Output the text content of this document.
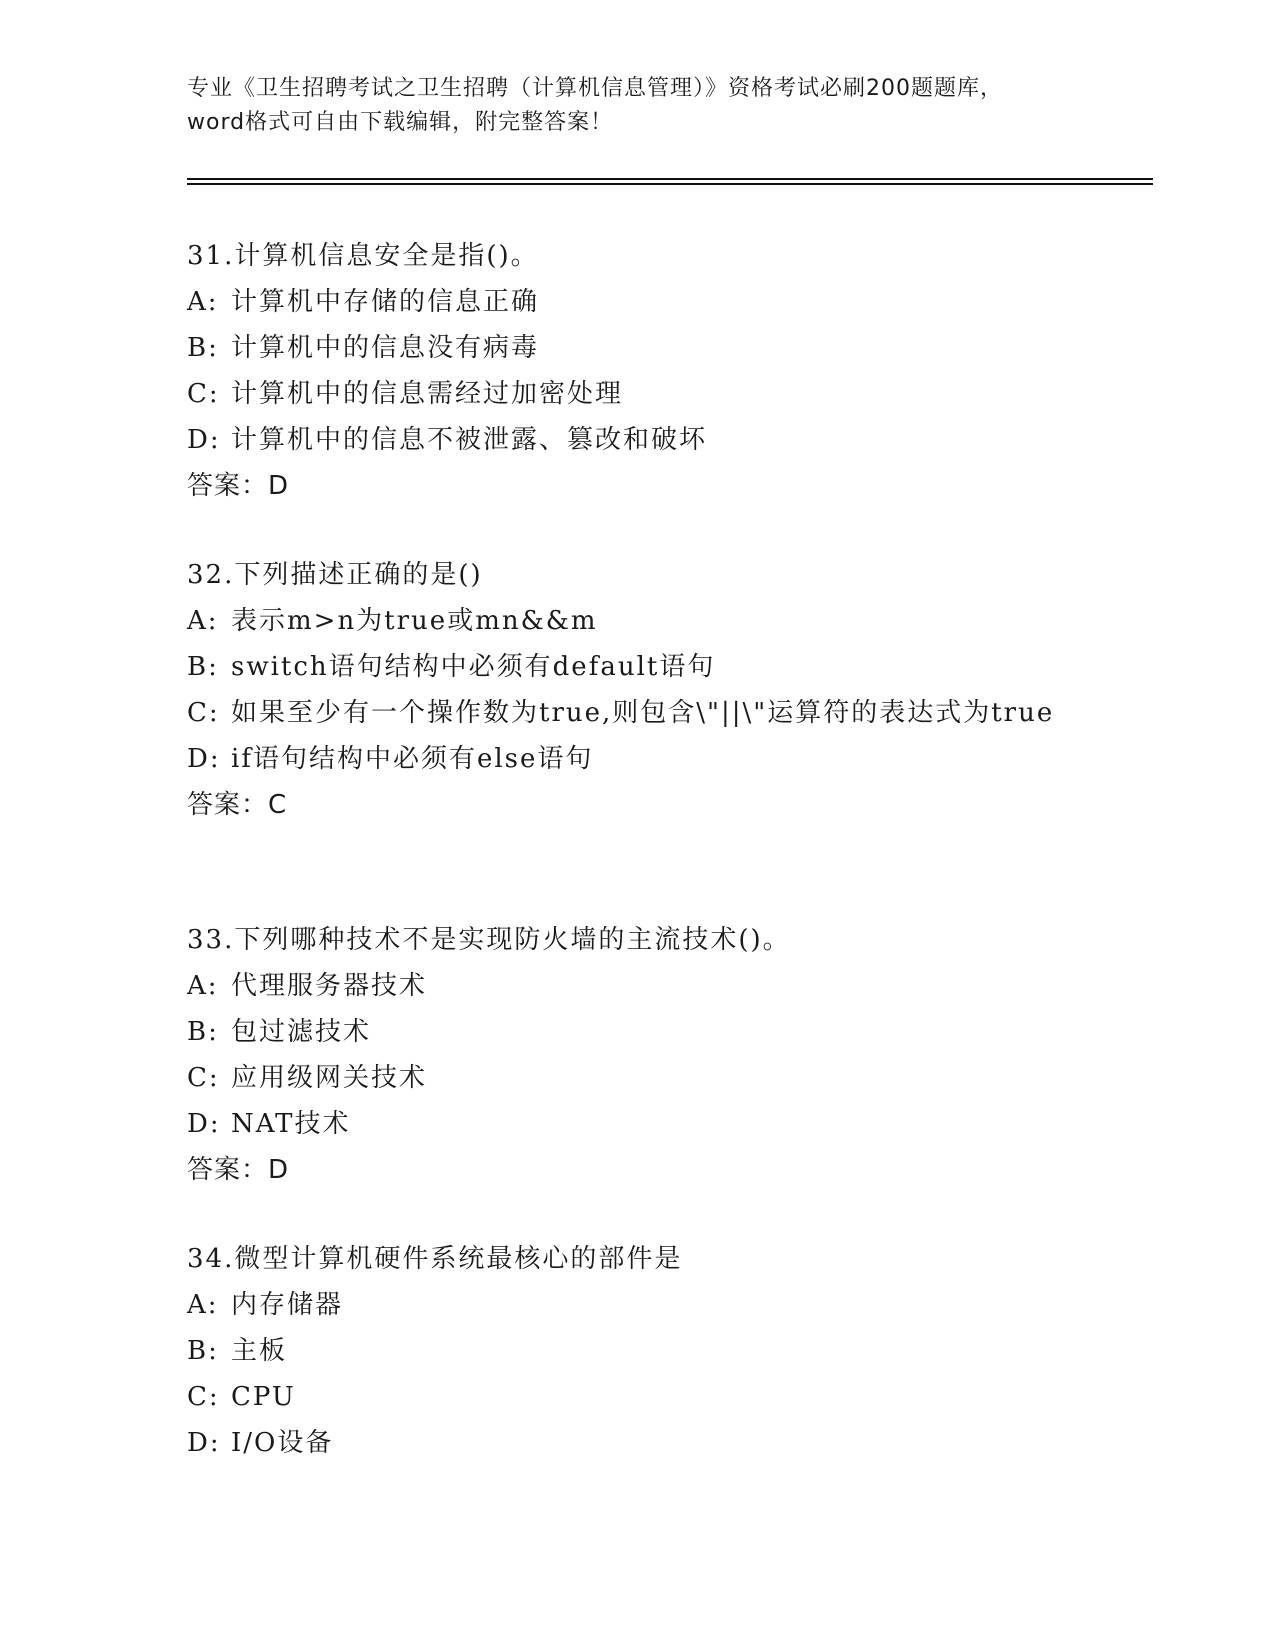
专业《卫生招聘考试之卫生招聘（计算机信息管理）》资格考试必刷200题题库，
word格式可自由下载编辑，附完整答案！
31.计算机信息安全是指()。
A: 计算机中存储的信息正确
B: 计算机中的信息没有病毒
C: 计算机中的信息需经过加密处理
D: 计算机中的信息不被泄露、篡改和破坏
答案：D
32.下列描述正确的是()
A: 表示m>n为true或mn&&m
B: switch语句结构中必须有default语句
C: 如果至少有一个操作数为true,则包含\"||\"运算符的表达式为true
D: if语句结构中必须有else语句
答案：C
33.下列哪种技术不是实现防火墙的主流技术()。
A: 代理服务器技术
B: 包过滤技术
C: 应用级网关技术
D: NAT技术
答案：D
34.微型计算机硬件系统最核心的部件是
A: 内存储器
B: 主板
C: CPU
D: I/O设备
